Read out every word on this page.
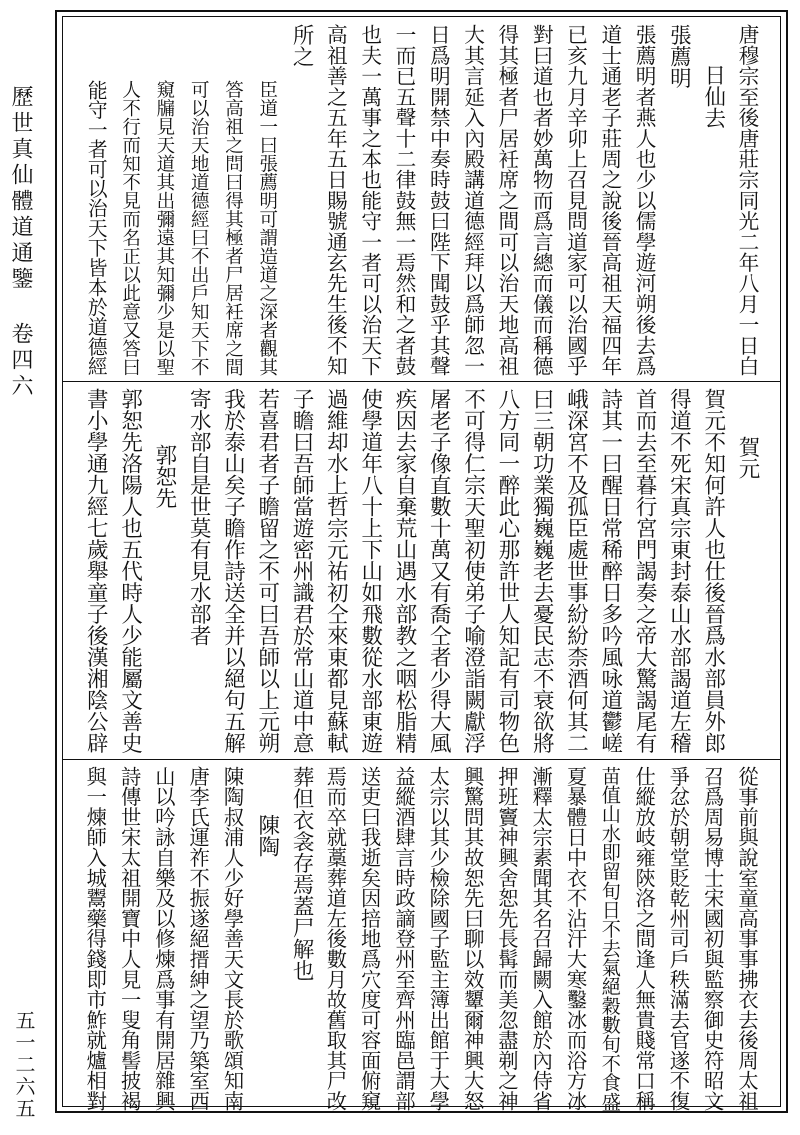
歷世真仙體道通鑒 卷四六
五一二六五
唐穆宗至後唐莊宗同光二年八月一日白
日仙去
張薦明
張薦明者燕人也少以儒學遊河朔後去爲
道士通老子莊周之說後晉高祖天福四年
已亥九月辛卯上召見問道家可以治國乎
對曰道也者妙萬物而爲言總而儀而稱德
得其極者尸居衽席之間可以治天地高祖
大其言延入內殿講道德經拜以爲師忽一
日爲明開禁中奏時鼓曰陛下聞鼓乎其聲
一而已五聲十二律鼓無一焉然和之者鼓
也夫一萬事之本也能守一者可以治天下
高祖善之五年五日賜號通玄先生後不知
所之
臣道一曰張薦明可謂造道之深者觀其
答高祖之問曰得其極者尸居衽席之間
可以治天地道德經曰不出戶知天下不
窺牖見天道其出彌遠其知彌少是以聖
人不行而知不見而名正以此意又答曰
能守一者可以治天下皆本於道德經
賀元
賀元不知何許人也仕後晉爲水部員外郎
得道不死宋真宗東封泰山水部謁道左稽
首而去至暮行宮門謁奏之帝大驚謁尾有
詩其一曰醒日常稀醉日多吟風咏道鬱嵯
峨深宮不及孤臣處世事紛紛柰酒何其二
曰三朝功業獨巍巍老去憂民志不衰欲將
八方同一醉此心那許世人知記有司物色
不可得仁宗天聖初使弟子喻澄詣闕獻浮
屠老子像直數十萬又有喬仝者少得大風
疾因去家自棄荒山遇水部教之咽松脂精
使學道年八十上下山如飛數從水部東遊
過維却水上哲宗元祐初仝來東都見蘇軾
子瞻曰吾師當遊密州識君於常山道中意
若喜君者子瞻留之不可曰吾師以上元朔
我於泰山矣子瞻作詩送全并以絕句五解
寄水部自是世莫有見水部者
郭恕先
郭恕先洛陽人也五代時人少能屬文善史
書小學通九經七歲舉童子後漢湘陰公辟
從事前與說室童高事事拂衣去後周太祖
召爲周易博士宋國初與監察御史符昭文
爭忿於朝堂貶乾州司戶秩滿去官遂不復
仕縱放岐雍陝洛之間逢人無貴賤常口稱
苗值山水即留旬日不去氣絕穀數旬不食盛
夏暴體日中衣不沾汗大寒鑿冰而浴方冰
漸釋太宗素聞其名召歸闕入館於內侍省
押班竇神興舍恕先長髯而美忽盡剃之神
興驚問其故恕先曰聊以效顰爾神興大怒
太宗以其少檢除國子監主簿出館于大學
益縱酒肆言時政謫登州至齊州臨邑謂部
送吏曰我逝矣因掊地爲穴度可容面俯窺
焉而卒就藁葬道左後數月故舊取其尸改
葬但衣衾存焉蓋尸解也
陳陶
陳陶叔浦人少好學善天文長於歌頌知南
唐李氏運祚不振遂絕搢紳之望乃築室西
山以吟詠自樂及以修煉爲事有開居雜興
詩傳世宋太祖開寶中人見一叟角髻披褐
與一煉師入城鬻藥得錢即市鮓就爐相對
